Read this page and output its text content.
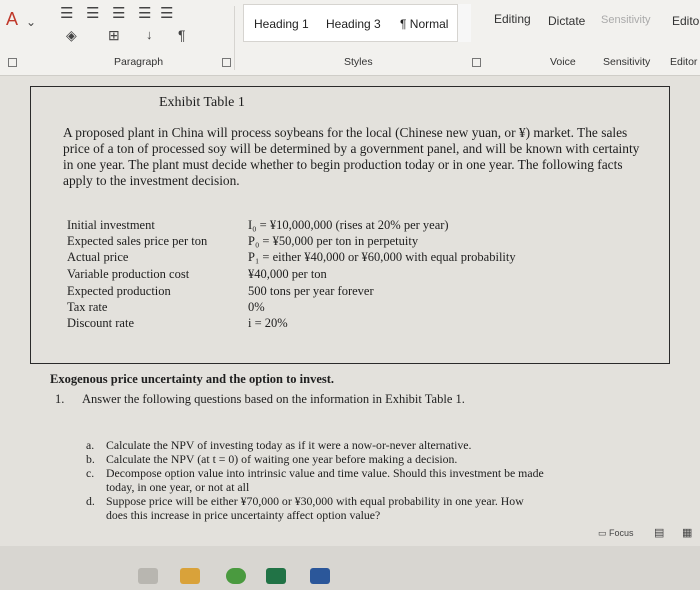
A ⌄ ☰ ☰ ☰ ☰ ☰
◈ ⊞ ↓ ¶
Heading 1 Heading 3 ¶ Normal	Editing Dictate Sensitivity Edito
Paragraph	Styles	Voice	Sensitivity Editor
Exhibit Table 1
A proposed plant in China will process soybeans for the local (Chinese new yuan, or ¥) market. The sales price of a ton of processed soy will be determined by a government panel, and will be known with certainty in one year. The plant must decide whether to begin production today or in one year. The following facts apply to the investment decision.
Initial investment	I₀ = ¥10,000,000 (rises at 20% per year)
Expected sales price per ton	P₀ = ¥50,000 per ton in perpetuity
Actual price	P₁ = either ¥40,000 or ¥60,000 with equal probability
Variable production cost	¥40,000 per ton
Expected production	500 tons per year forever
Tax rate	0%
Discount rate	i = 20%
Exogenous price uncertainty and the option to invest.
1. Answer the following questions based on the information in Exhibit Table 1.
a. Calculate the NPV of investing today as if it were a now-or-never alternative.
b. Calculate the NPV (at t = 0) of waiting one year before making a decision.
c. Decompose option value into intrinsic value and time value. Should this investment be made
today, in one year, or not at all
d. Suppose price will be either ¥70,000 or ¥30,000 with equal probability in one year. How
does this increase in price uncertainty affect option value?
▭ Focus ▤ ▦
